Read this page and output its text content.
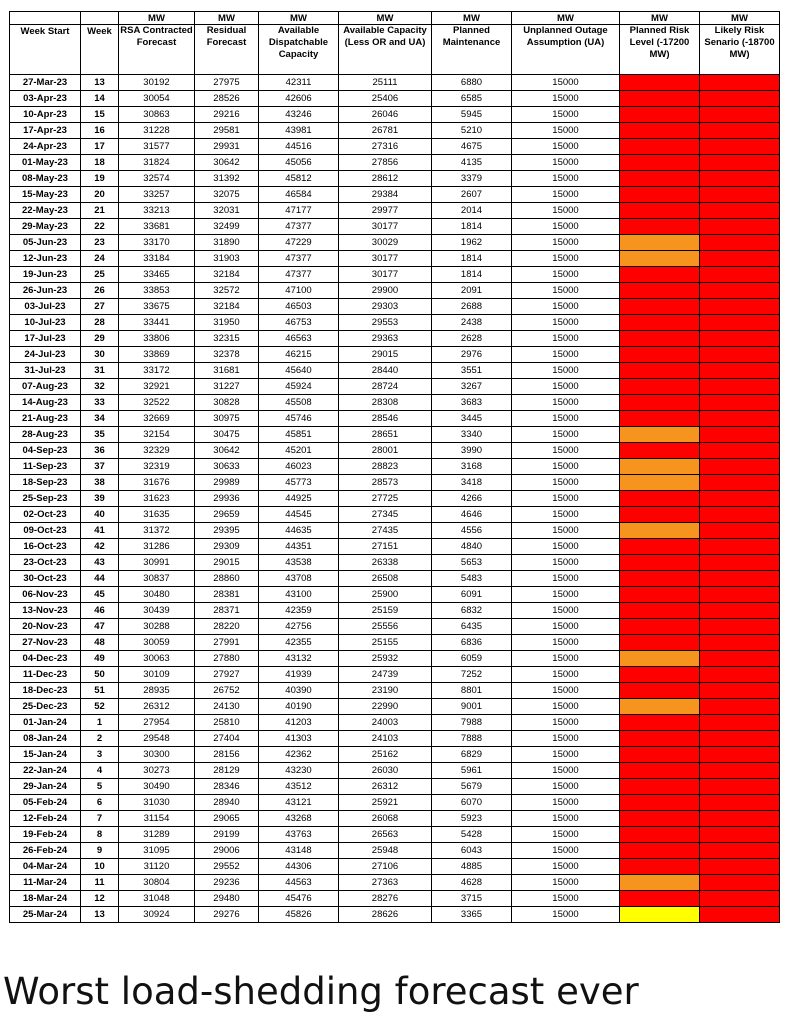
		MW	MW	MW	MW	MW	MW	MW	MW
Week Start	Week	RSA Contracted Forecast	Residual Forecast	Available Dispatchable Capacity	Available Capacity (Less OR and UA)	Planned Maintenance	Unplanned Outage Assumption (UA)	Planned Risk Level (-17200 MW)	Likely Risk Senario (-18700 MW)
27-Mar-23	13	30192	27975	42311	25111	6880	15000		
03-Apr-23	14	30054	28526	42606	25406	6585	15000		
10-Apr-23	15	30863	29216	43246	26046	5945	15000		
17-Apr-23	16	31228	29581	43981	26781	5210	15000		
24-Apr-23	17	31577	29931	44516	27316	4675	15000		
01-May-23	18	31824	30642	45056	27856	4135	15000		
08-May-23	19	32574	31392	45812	28612	3379	15000		
15-May-23	20	33257	32075	46584	29384	2607	15000		
22-May-23	21	33213	32031	47177	29977	2014	15000		
29-May-23	22	33681	32499	47377	30177	1814	15000		
05-Jun-23	23	33170	31890	47229	30029	1962	15000		
12-Jun-23	24	33184	31903	47377	30177	1814	15000		
19-Jun-23	25	33465	32184	47377	30177	1814	15000		
26-Jun-23	26	33853	32572	47100	29900	2091	15000		
03-Jul-23	27	33675	32184	46503	29303	2688	15000		
10-Jul-23	28	33441	31950	46753	29553	2438	15000		
17-Jul-23	29	33806	32315	46563	29363	2628	15000		
24-Jul-23	30	33869	32378	46215	29015	2976	15000		
31-Jul-23	31	33172	31681	45640	28440	3551	15000		
07-Aug-23	32	32921	31227	45924	28724	3267	15000		
14-Aug-23	33	32522	30828	45508	28308	3683	15000		
21-Aug-23	34	32669	30975	45746	28546	3445	15000		
28-Aug-23	35	32154	30475	45851	28651	3340	15000		
04-Sep-23	36	32329	30642	45201	28001	3990	15000		
11-Sep-23	37	32319	30633	46023	28823	3168	15000		
18-Sep-23	38	31676	29989	45773	28573	3418	15000		
25-Sep-23	39	31623	29936	44925	27725	4266	15000		
02-Oct-23	40	31635	29659	44545	27345	4646	15000		
09-Oct-23	41	31372	29395	44635	27435	4556	15000		
16-Oct-23	42	31286	29309	44351	27151	4840	15000		
23-Oct-23	43	30991	29015	43538	26338	5653	15000		
30-Oct-23	44	30837	28860	43708	26508	5483	15000		
06-Nov-23	45	30480	28381	43100	25900	6091	15000		
13-Nov-23	46	30439	28371	42359	25159	6832	15000		
20-Nov-23	47	30288	28220	42756	25556	6435	15000		
27-Nov-23	48	30059	27991	42355	25155	6836	15000		
04-Dec-23	49	30063	27880	43132	25932	6059	15000		
11-Dec-23	50	30109	27927	41939	24739	7252	15000		
18-Dec-23	51	28935	26752	40390	23190	8801	15000		
25-Dec-23	52	26312	24130	40190	22990	9001	15000		
01-Jan-24	1	27954	25810	41203	24003	7988	15000		
08-Jan-24	2	29548	27404	41303	24103	7888	15000		
15-Jan-24	3	30300	28156	42362	25162	6829	15000		
22-Jan-24	4	30273	28129	43230	26030	5961	15000		
29-Jan-24	5	30490	28346	43512	26312	5679	15000		
05-Feb-24	6	31030	28940	43121	25921	6070	15000		
12-Feb-24	7	31154	29065	43268	26068	5923	15000		
19-Feb-24	8	31289	29199	43763	26563	5428	15000		
26-Feb-24	9	31095	29006	43148	25948	6043	15000		
04-Mar-24	10	31120	29552	44306	27106	4885	15000		
11-Mar-24	11	30804	29236	44563	27363	4628	15000		
18-Mar-24	12	31048	29480	45476	28276	3715	15000		
25-Mar-24	13	30924	29276	45826	28626	3365	15000		
Worst load-shedding forecast ever
